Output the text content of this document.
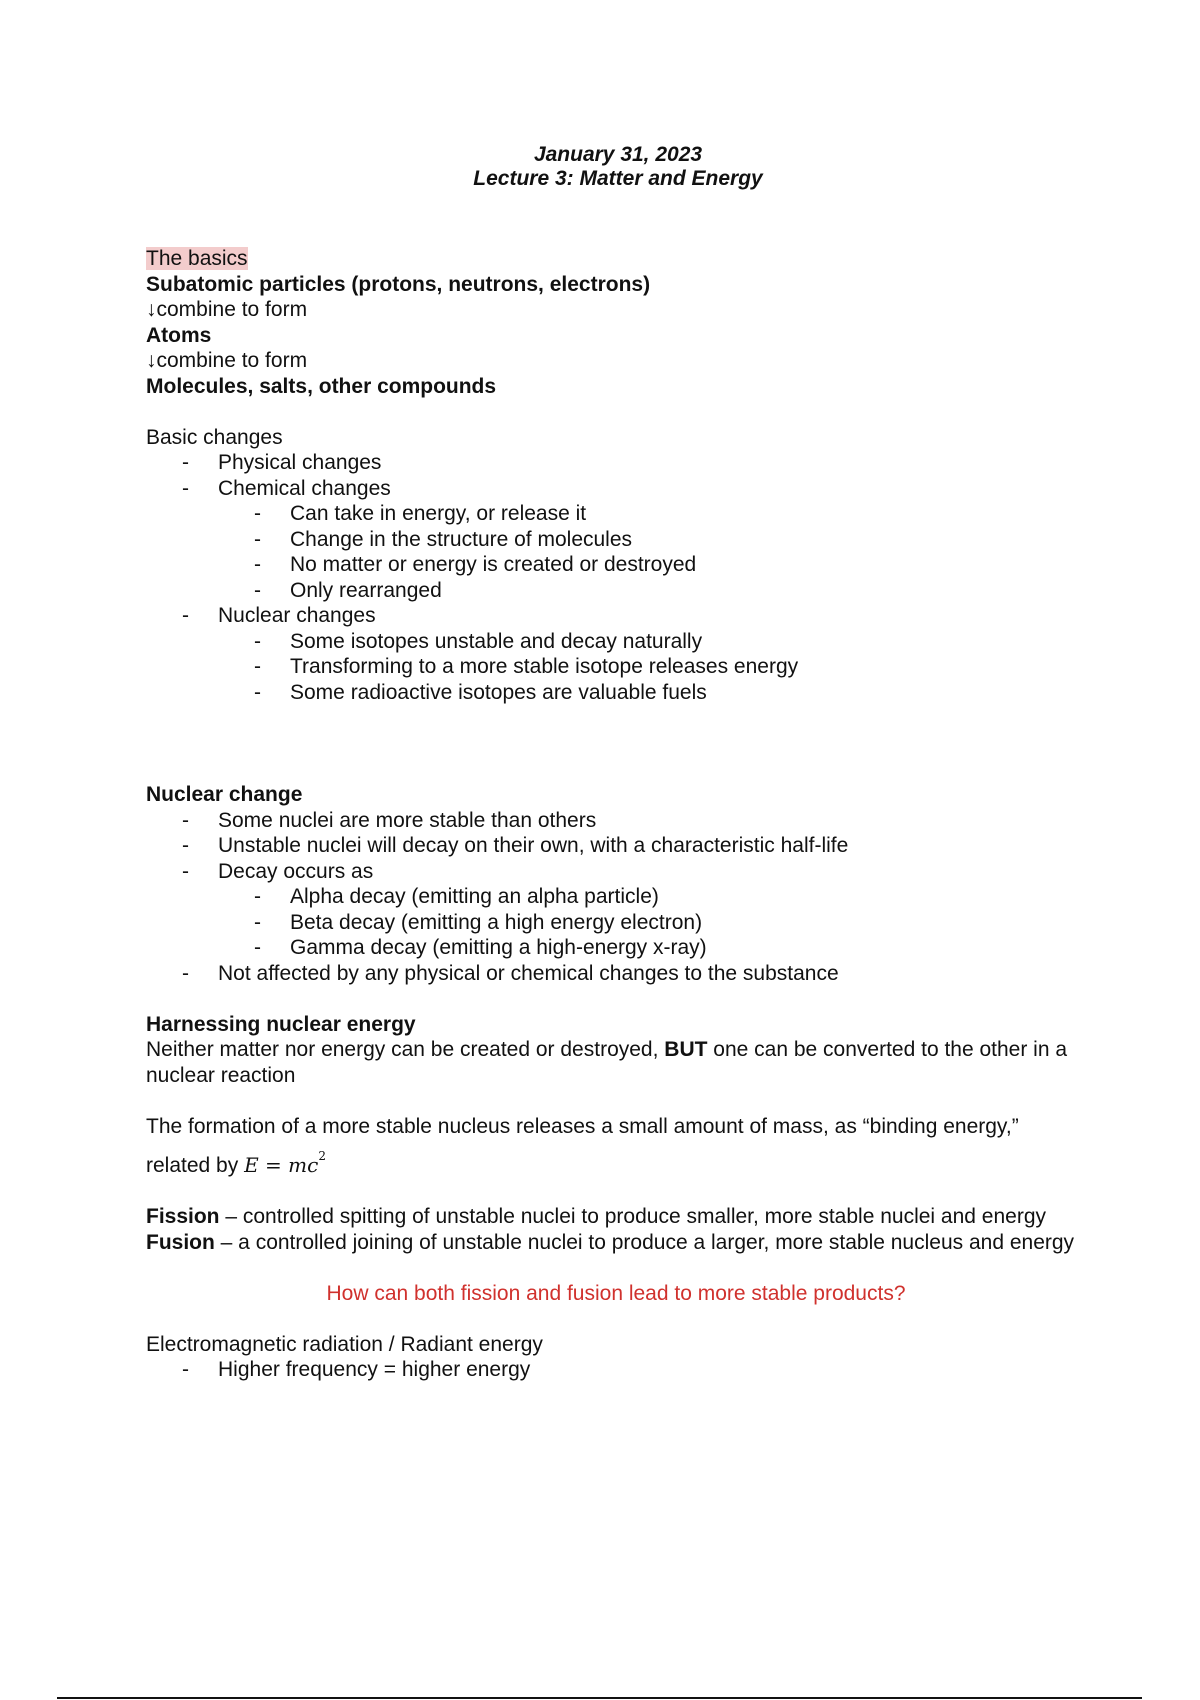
January 31, 2023
Lecture 3: Matter and Energy

The basics

Subatomic particles (protons, neutrons, electrons)

↓combine to form

Atoms

↓combine to form

Molecules, salts, other compounds

Basic changes

- Physical changes
- Chemical changes
- Can take in energy, or release it
- Change in the structure of molecules
- No matter or energy is created or destroyed
- Only rearranged
- Nuclear changes
- Some isotopes unstable and decay naturally
- Transforming to a more stable isotope releases energy
- Some radioactive isotopes are valuable fuels

Nuclear change

- Some nuclei are more stable than others
- Unstable nuclei will decay on their own, with a characteristic half-life
- Decay occurs as
- Alpha decay (emitting an alpha particle)
- Beta decay (emitting a high energy electron)
- Gamma decay (emitting a high-energy x-ray)
- Not affected by any physical or chemical changes to the substance

Harnessing nuclear energy

Neither matter nor energy can be created or destroyed, BUT one can be converted to the other in a nuclear reaction

The formation of a more stable nucleus releases a small amount of mass, as “binding energy,”

related by $E = mc^2$

Fission – controlled spitting of unstable nuclei to produce smaller, more stable nuclei and energy

Fusion – a controlled joining of unstable nuclei to produce a larger, more stable nucleus and energy

How can both fission and fusion lead to more stable products?

Electromagnetic radiation / Radiant energy

- Higher frequency = higher energy
